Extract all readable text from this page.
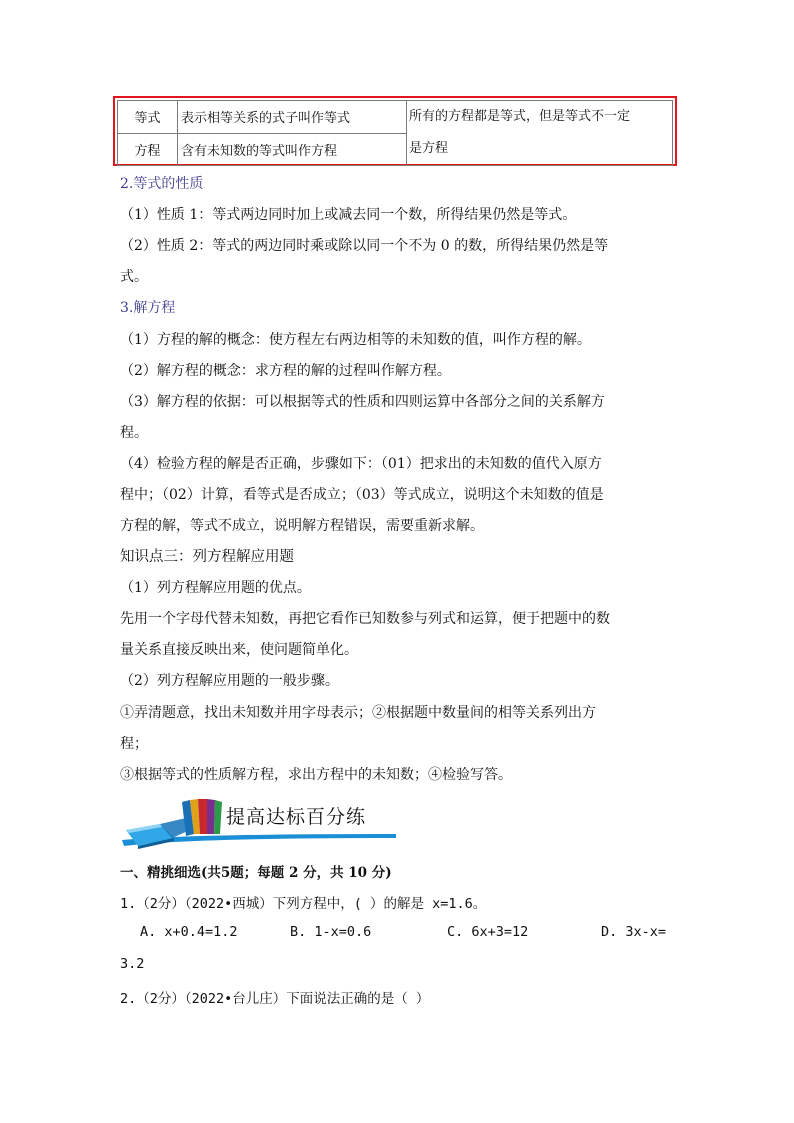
等式	表示相等关系的式子叫作等式	所有的方程都是等式，但是等式不一定
是方程
方程	含有未知数的等式叫作方程	
2.等式的性质
（1）性质 1：等式两边同时加上或减去同一个数，所得结果仍然是等式。
（2）性质 2：等式的两边同时乘或除以同一个不为 0 的数，所得结果仍然是等
式。
3.解方程
（1）方程的解的概念：使方程左右两边相等的未知数的值，叫作方程的解。
（2）解方程的概念：求方程的解的过程叫作解方程。
（3）解方程的依据：可以根据等式的性质和四则运算中各部分之间的关系解方
程。
（4）检验方程的解是否正确，步骤如下：（01）把求出的未知数的值代入原方
程中；（02）计算，看等式是否成立；（03）等式成立，说明这个未知数的值是
方程的解，等式不成立，说明解方程错误，需要重新求解。
知识点三：列方程解应用题
（1）列方程解应用题的优点。
先用一个字母代替未知数，再把它看作已知数参与列式和运算，便于把题中的数
量关系直接反映出来，使问题简单化。
（2）列方程解应用题的一般步骤。
①弄清题意，找出未知数并用字母表示；②根据题中数量间的相等关系列出方
程；
③根据等式的性质解方程，求出方程中的未知数；④检验写答。
提高达标百分练
一、精挑细选(共5题；每题 2 分，共 10 分)
1.（2分）（2022•西城）下列方程中，( ）的解是 x=1.6。
A. x+0.4=1.2	B. 1-x=0.6	C. 6x+3=12	D. 3x-x=
3.2
2.（2分）（2022•台儿庄）下面说法正确的是（ ）
